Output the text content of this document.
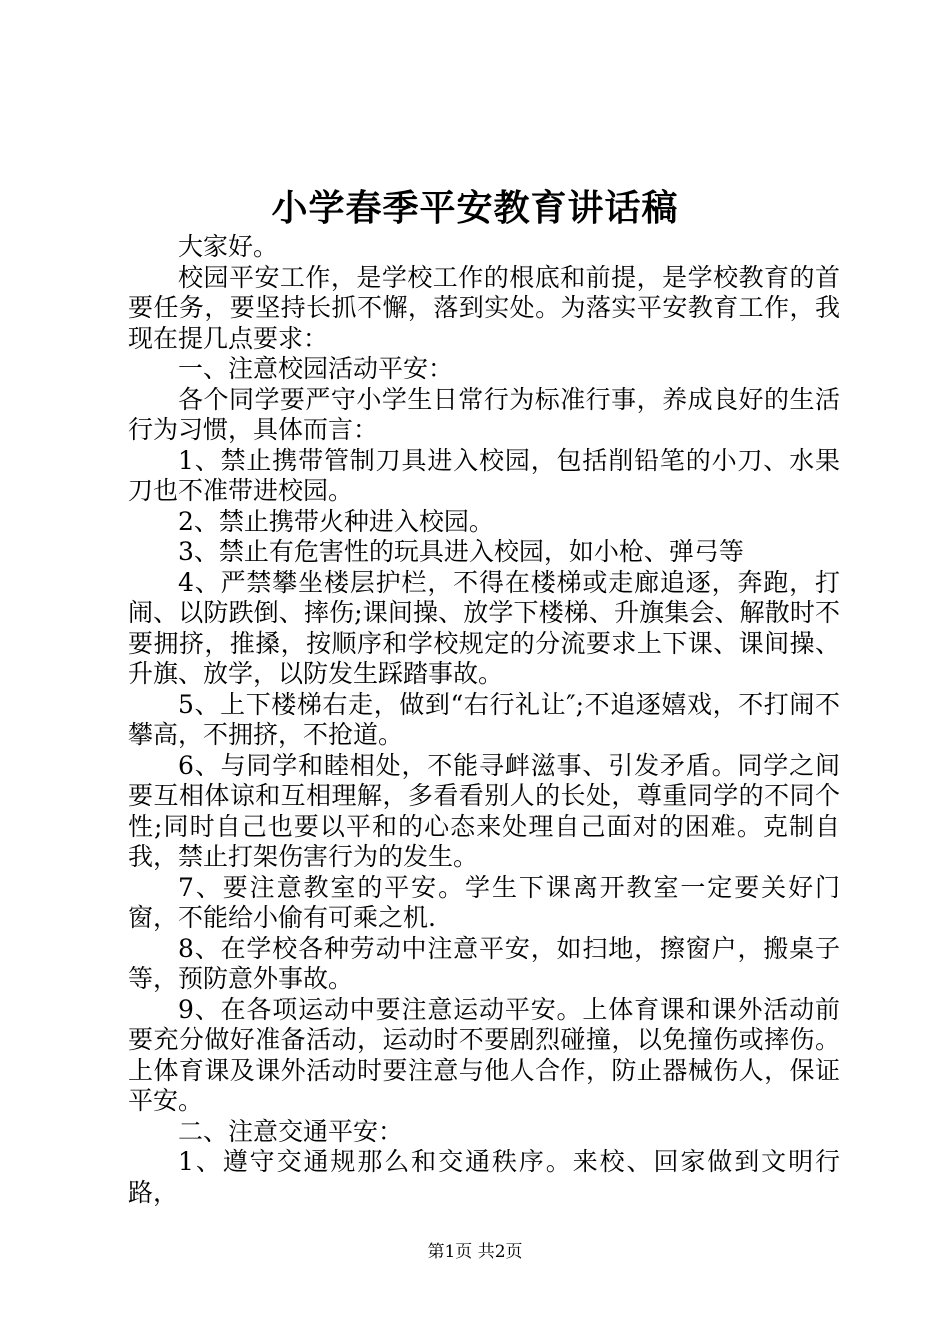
小学春季平安教育讲话稿

大家好。

校园平安工作，是学校工作的根底和前提，是学校教育的首要任务，要坚持长抓不懈，落到实处。为落实平安教育工作，我现在提几点要求：

一、注意校园活动平安：

各个同学要严守小学生日常行为标准行事，养成良好的生活行为习惯，具体而言：

1、禁止携带管制刀具进入校园，包括削铅笔的小刀、水果刀也不准带进校园。

2、禁止携带火种进入校园。

3、禁止有危害性的玩具进入校园，如小枪、弹弓等

4、严禁攀坐楼层护栏，不得在楼梯或走廊追逐，奔跑，打闹、以防跌倒、摔伤;课间操、放学下楼梯、升旗集会、解散时不要拥挤，推搡，按顺序和学校规定的分流要求上下课、课间操、升旗、放学，以防发生踩踏事故。

5、上下楼梯右走，做到“右行礼让″;不追逐嬉戏，不打闹不攀高，不拥挤，不抢道。

6、与同学和睦相处，不能寻衅滋事、引发矛盾。同学之间要互相体谅和互相理解，多看看别人的长处，尊重同学的不同个性;同时自己也要以平和的心态来处理自己面对的困难。克制自我，禁止打架伤害行为的发生。

7、要注意教室的平安。学生下课离开教室一定要关好门窗，不能给小偷有可乘之机.

8、在学校各种劳动中注意平安，如扫地，擦窗户，搬桌子等，预防意外事故。

9、在各项运动中要注意运动平安。上体育课和课外活动前要充分做好准备活动，运动时不要剧烈碰撞，以免撞伤或摔伤。上体育课及课外活动时要注意与他人合作，防止器械伤人，保证平安。

二、注意交通平安：

1、遵守交通规那么和交通秩序。来校、回家做到文明行路，

第1页 共2页
